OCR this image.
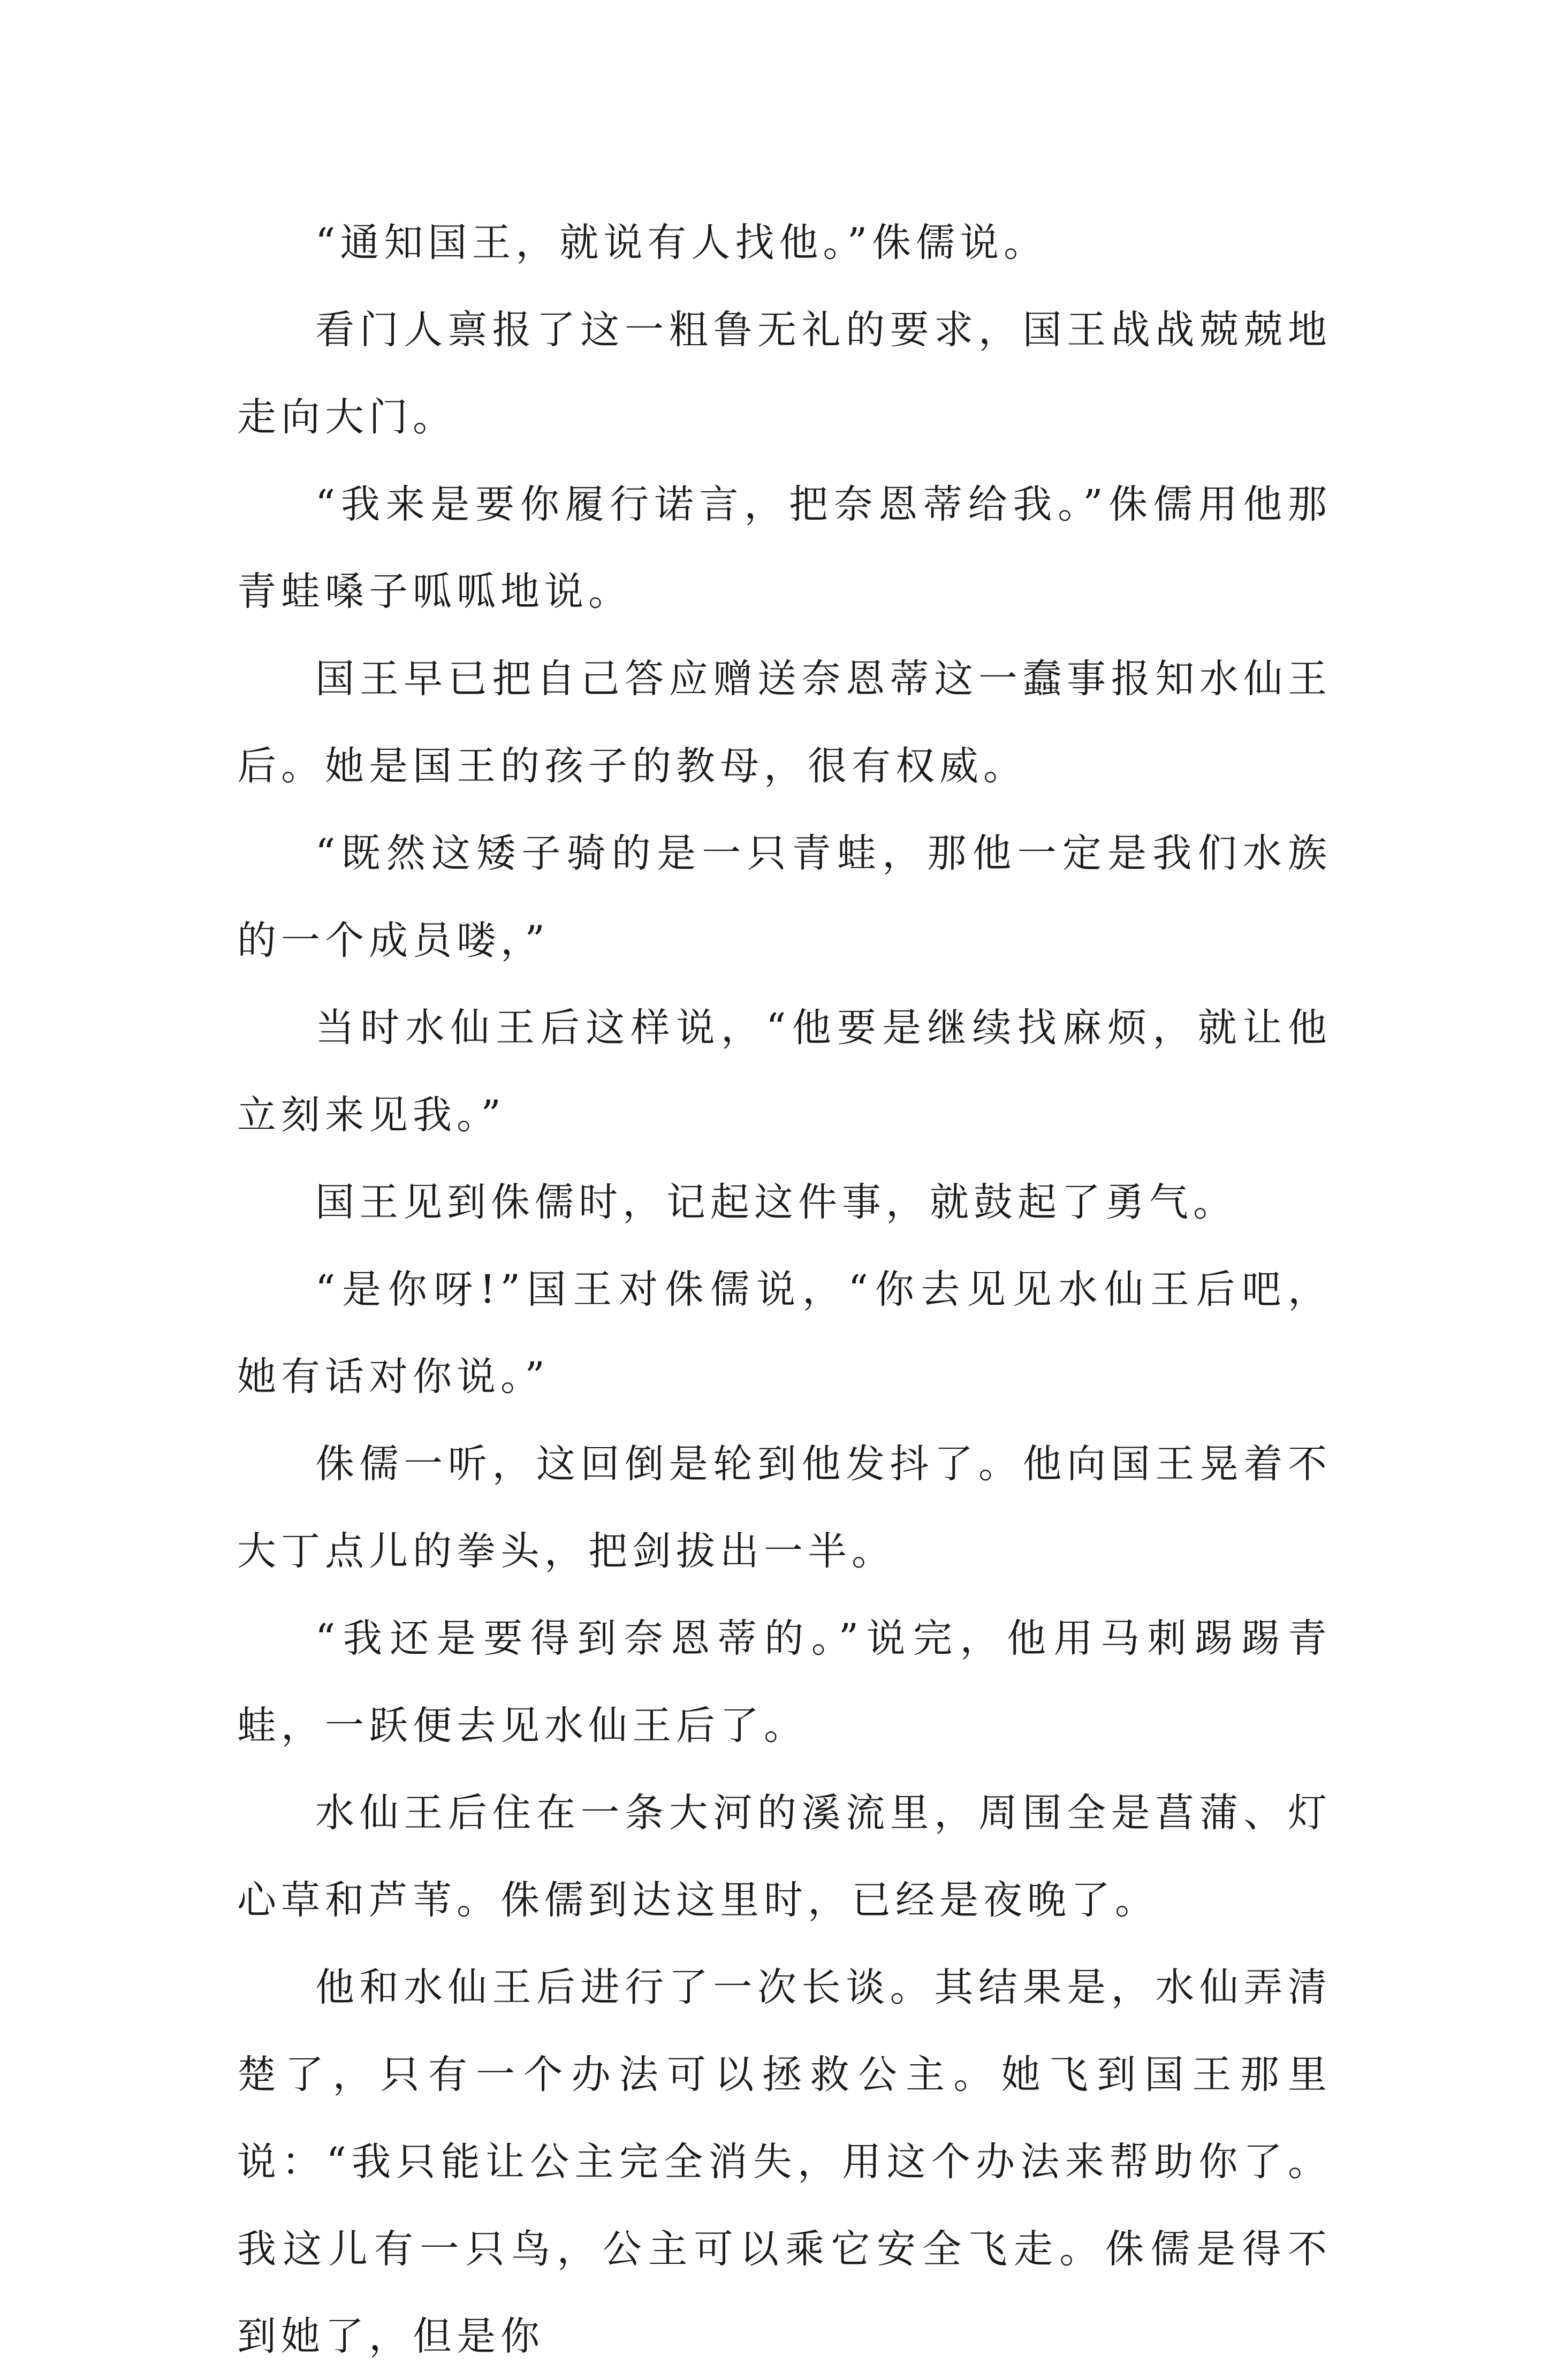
“通知国王，就说有人找他。”侏儒说。

看门人禀报了这一粗鲁无礼的要求，国王战战兢兢地走向大门。

“我来是要你履行诺言，把奈恩蒂给我。”侏儒用他那青蛙嗓子呱呱地说。

国王早已把自己答应赠送奈恩蒂这一蠢事报知水仙王后。她是国王的孩子的教母，很有权威。

“既然这矮子骑的是一只青蛙，那他一定是我们水族的一个成员喽，”

当时水仙王后这样说，“他要是继续找麻烦，就让他立刻来见我。”

国王见到侏儒时，记起这件事，就鼓起了勇气。

“是你呀!”国王对侏儒说，“你去见见水仙王后吧，她有话对你说。”

侏儒一听，这回倒是轮到他发抖了。他向国王晃着不大丁点儿的拳头，把剑拔出一半。

“我还是要得到奈恩蒂的。”说完，他用马刺踢踢青蛙，一跃便去见水仙王后了。

水仙王后住在一条大河的溪流里，周围全是菖蒲、灯心草和芦苇。侏儒到达这里时，已经是夜晚了。

他和水仙王后进行了一次长谈。其结果是，水仙弄清楚了，只有一个办法可以拯救公主。她飞到国王那里说：“我只能让公主完全消失，用这个办法来帮助你了。我这儿有一只鸟，公主可以乘它安全飞走。侏儒是得不到她了，但是你
